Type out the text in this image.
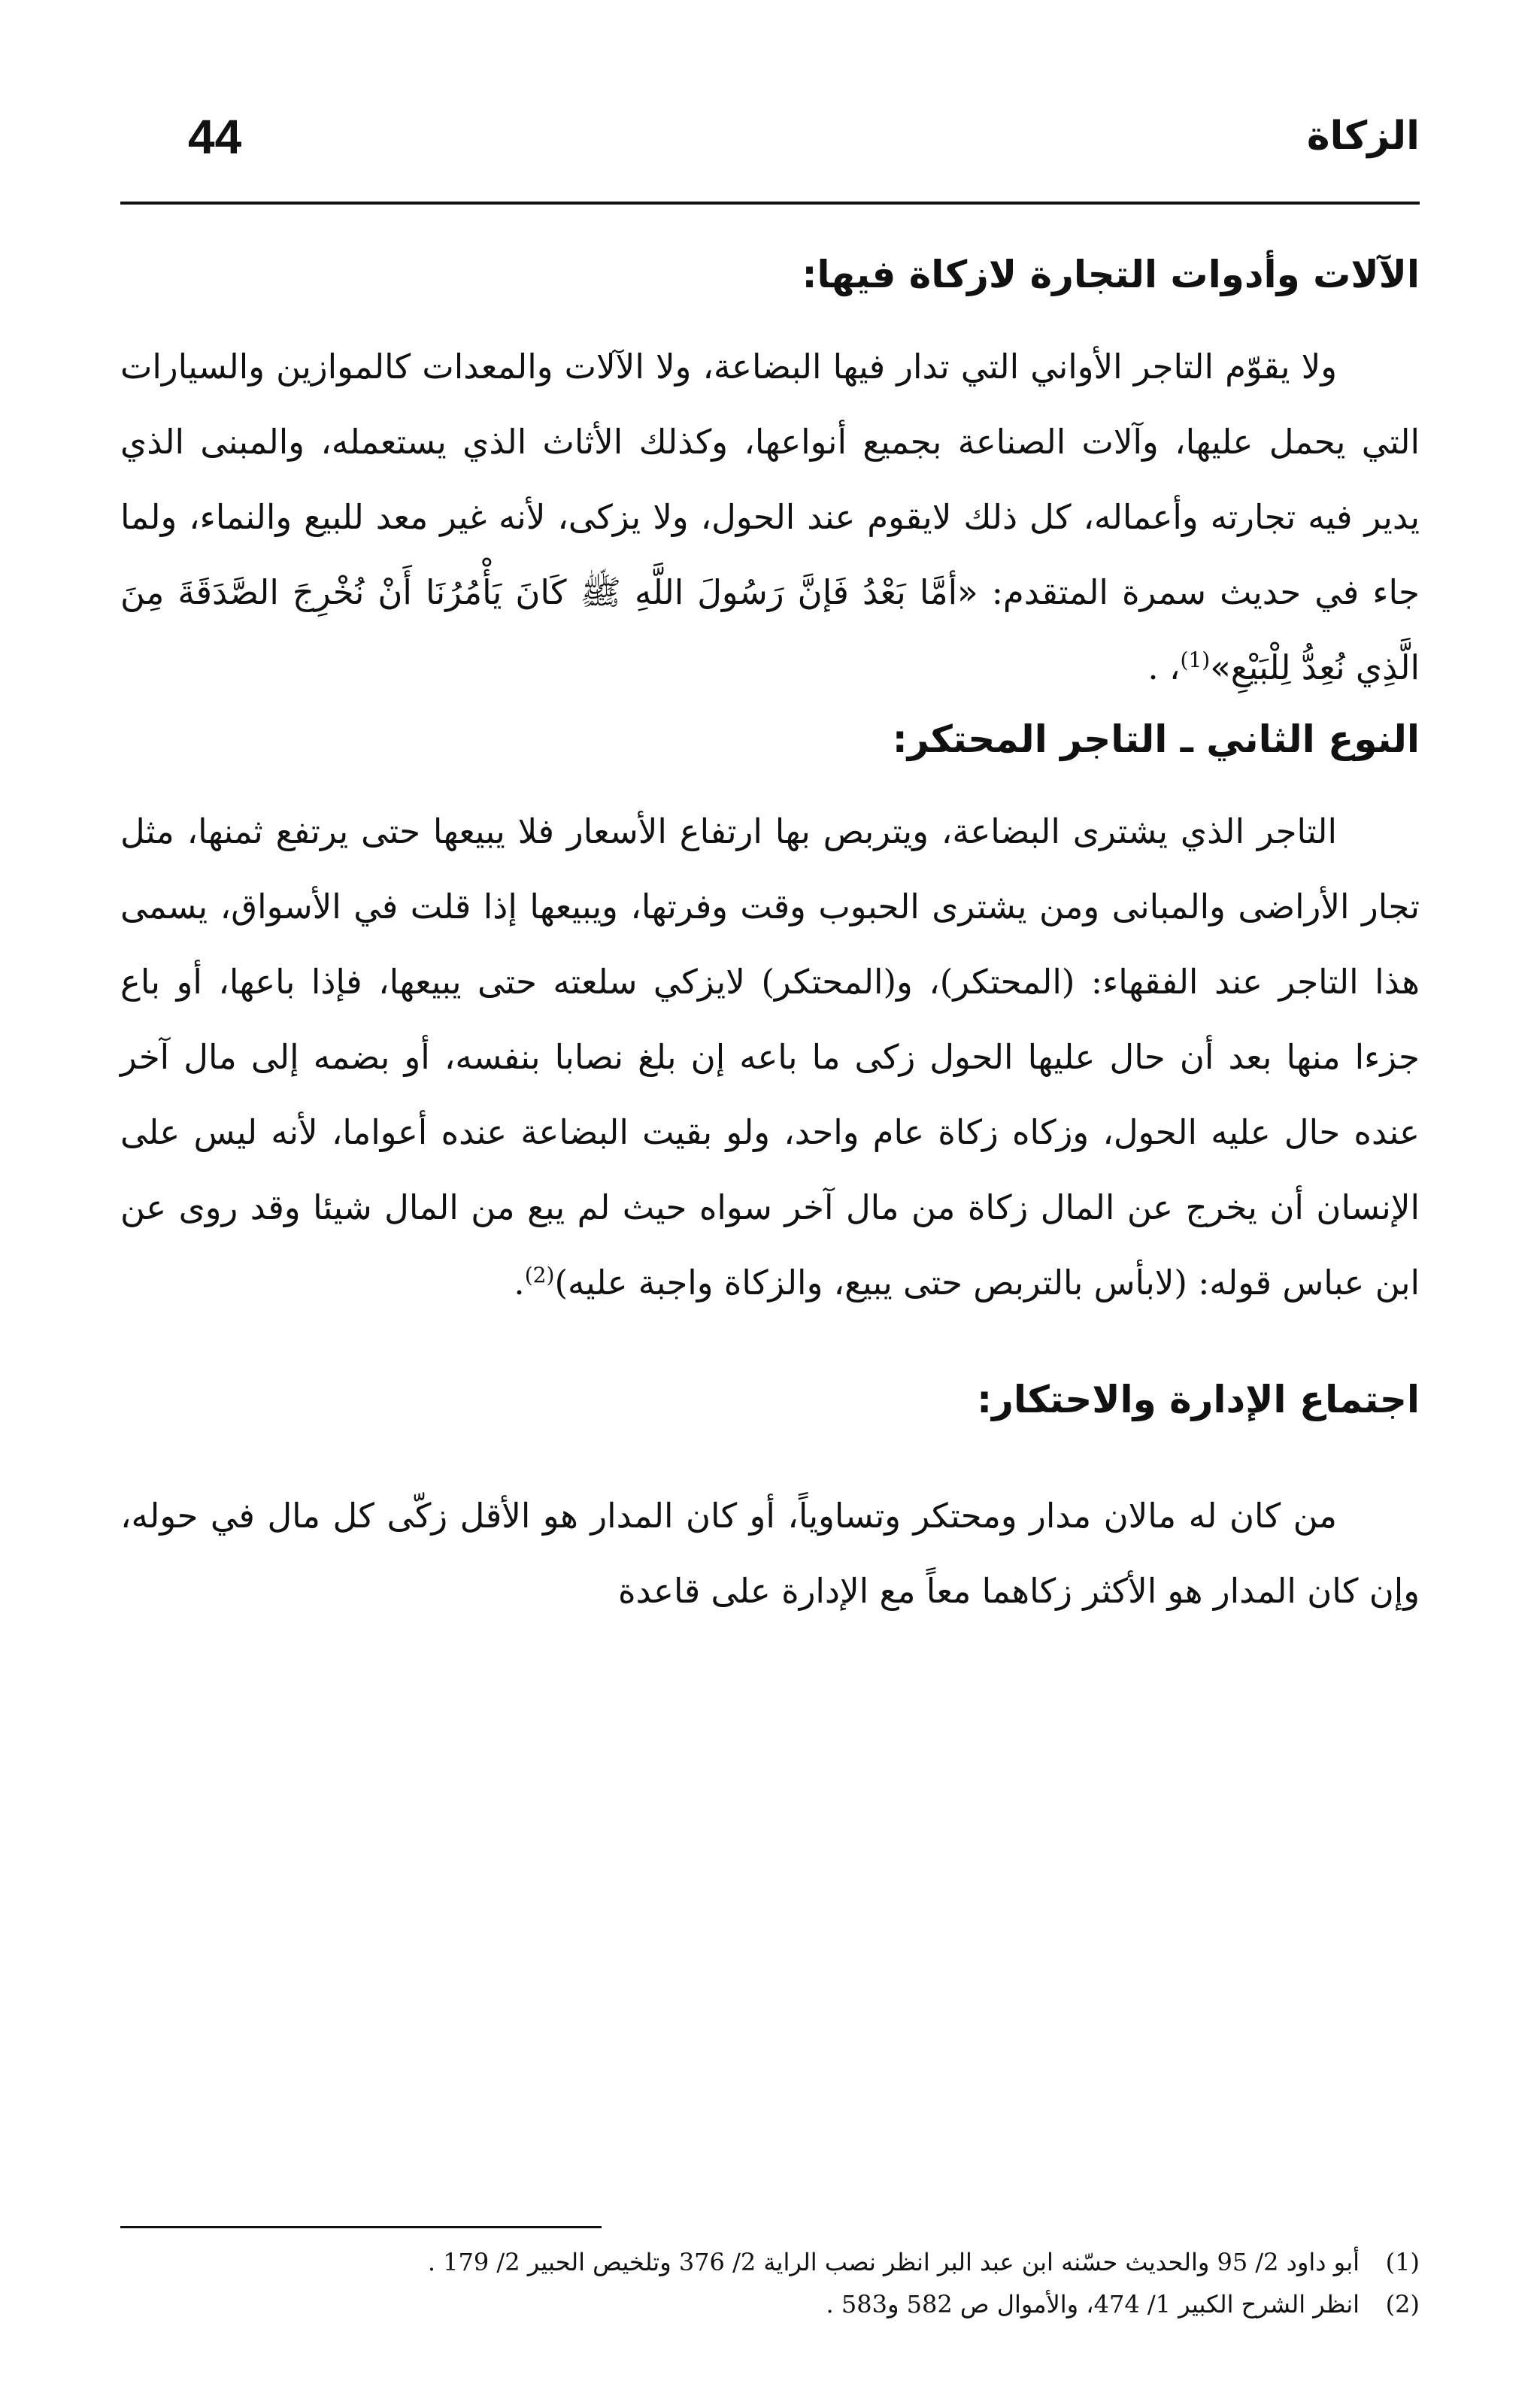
44	الزكاة

الآلات وأدوات التجارة لازكاة فيها:

ولا يقوّم التاجر الأواني التي تدار فيها البضاعة، ولا الآلات والمعدات كالموازين والسيارات التي يحمل عليها، وآلات الصناعة بجميع أنواعها، وكذلك الأثاث الذي يستعمله، والمبنى الذي يدير فيه تجارته وأعماله، كل ذلك لايقوم عند الحول، ولا يزكى، لأنه غير معد للبيع والنماء، ولما جاء في حديث سمرة المتقدم: «أمَّا بَعْدُ فَإنَّ رَسُولَ اللَّهِ ﷺ كَانَ يَأْمُرُنَا أَنْ نُخْرِجَ الصَّدَقَةَ مِنَ الَّذِي نُعِدُّ لِلْبَيْعِ»$^{(1)}$، .

النوع الثاني ـ التاجر المحتكر:

التاجر الذي يشترى البضاعة، ويتربص بها ارتفاع الأسعار فلا يبيعها حتى يرتفع ثمنها، مثل تجار الأراضى والمبانى ومن يشترى الحبوب وقت وفرتها، ويبيعها إذا قلت في الأسواق، يسمى هذا التاجر عند الفقهاء: (المحتكر)، و(المحتكر) لايزكي سلعته حتى يبيعها، فإذا باعها، أو باع جزءا منها بعد أن حال عليها الحول زكى ما باعه إن بلغ نصابا بنفسه، أو بضمه إلى مال آخر عنده حال عليه الحول، وزكاه زكاة عام واحد، ولو بقيت البضاعة عنده أعواما، لأنه ليس على الإنسان أن يخرج عن المال زكاة من مال آخر سواه حيث لم يبع من المال شيئا وقد روى عن ابن عباس قوله: (لابأس بالتربص حتى يبيع، والزكاة واجبة عليه)$^{(2)}$.

اجتماع الإدارة والاحتكار:

من كان له مالان مدار ومحتكر وتساوياً، أو كان المدار هو الأقل زكّى كل مال في حوله، وإن كان المدار هو الأكثر زكاهما معاً مع الإدارة على قاعدة

(1)
أبو داود 2/ 95 والحديث حسّنه ابن عبد البر انظر نصب الراية 2/ 376 وتلخيص الحبير 2/ 179 .
(2)
انظر الشرح الكبير 1/ 474، والأموال ص 582 و583 .
